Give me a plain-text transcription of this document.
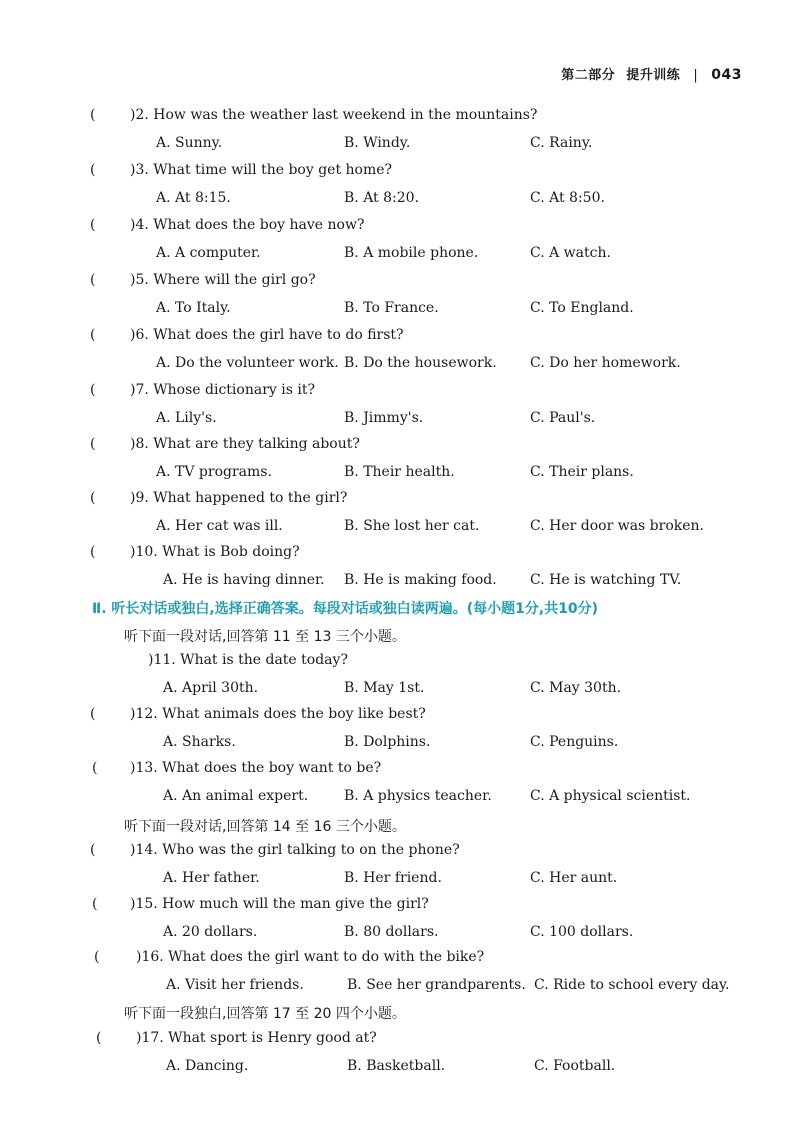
第二部分 提升训练 | 043
( )2. How was the weather last weekend in the mountains?
A. Sunny.	B. Windy.	C. Rainy.
( )3. What time will the boy get home?
A. At 8:15.	B. At 8:20.	C. At 8:50.
( )4. What does the boy have now?
A. A computer.	B. A mobile phone.	C. A watch.
( )5. Where will the girl go?
A. To Italy.	B. To France.	C. To England.
( )6. What does the girl have to do first?
A. Do the volunteer work. B. Do the housework. C. Do her homework.
( )7. Whose dictionary is it?
A. Lily's.	B. Jimmy's.	C. Paul's.
( )8. What are they talking about?
A. TV programs.	B. Their health.	C. Their plans.
( )9. What happened to the girl?
A. Her cat was ill.	B. She lost her cat.	C. Her door was broken.
( )10. What is Bob doing?
A. He is having dinner. B. He is making food. C. He is watching TV.
)11. What is the date today?
A. April 30th.	B. May 1st.	C. May 30th.
( )12. What animals does the boy like best?
A. Sharks.	B. Dolphins.	C. Penguins.
( )13. What does the boy want to be?
A. An animal expert.	B. A physics teacher.	C. A physical scientist.
( )14. Who was the girl talking to on the phone?
A. Her father.	B. Her friend.	C. Her aunt.
( )15. How much will the man give the girl?
A. 20 dollars.	B. 80 dollars.	C. 100 dollars.
(	)16. What does the girl want to do with the bike?
A. Visit her friends.	B. See her grandparents. C. Ride to school every day.
( )17. What sport is Henry good at?
A. Dancing.	B. Basketball.	C. Football.
Ⅱ. 听长对话或独白,选择正确答案。每段对话或独白读两遍。(每小题1分,共10分)
听下面一段对话,回答第 11 至 13 三个小题。
听下面一段对话,回答第 14 至 16 三个小题。
听下面一段独白,回答第 17 至 20 四个小题。
